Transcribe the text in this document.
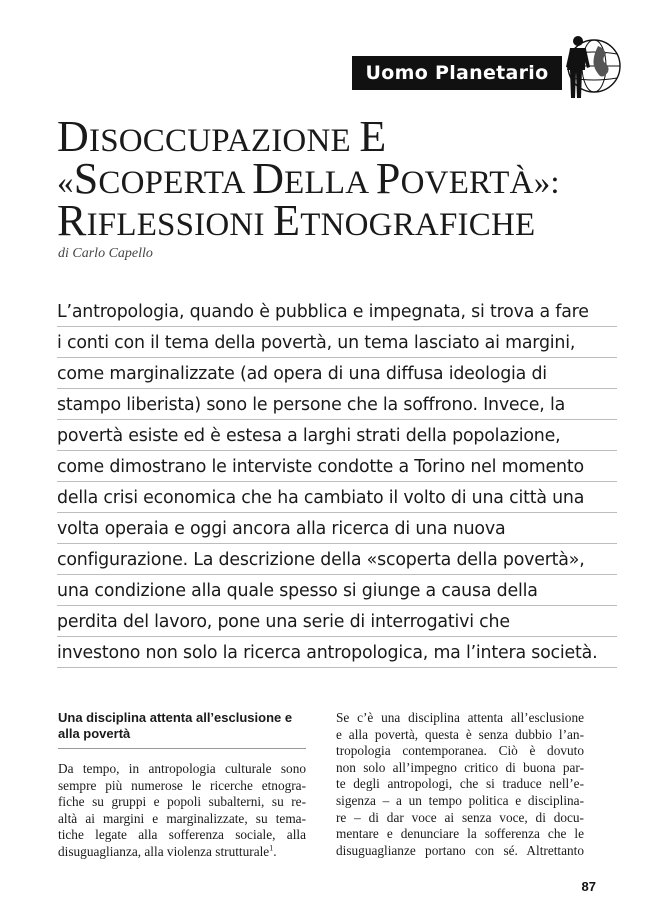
Uomo Planetario
DISOCCUPAZIONE E
«SCOPERTA DELLA POVERTÀ»:
RIFLESSIONI ETNOGRAFICHE
di Carlo Capello
L’antropologia, quando è pubblica e impegnata, si trova a fare
i conti con il tema della povertà, un tema lasciato ai margini,
come marginalizzate (ad opera di una diffusa ideologia di
stampo liberista) sono le persone che la soffrono. Invece, la
povertà esiste ed è estesa a larghi strati della popolazione,
come dimostrano le interviste condotte a Torino nel momento
della crisi economica che ha cambiato il volto di una città una
volta operaia e oggi ancora alla ricerca di una nuova
configurazione. La descrizione della «scoperta della povertà»,
una condizione alla quale spesso si giunge a causa della
perdita del lavoro, pone una serie di interrogativi che
investono non solo la ricerca antropologica, ma l’intera società.
Una disciplina attenta all’esclusione e
alla povertà
Da tempo, in antropologia culturale sono
sempre più numerose le ricerche etnogra-
fiche su gruppi e popoli subalterni, su re-
altà ai margini e marginalizzate, su tema-
tiche legate alla sofferenza sociale, alla
disuguaglianza, alla violenza strutturale$^1$.
Se c’è una disciplina attenta all’esclusione
e alla povertà, questa è senza dubbio l’an-
tropologia contemporanea. Ciò è dovuto
non solo all’impegno critico di buona par-
te degli antropologi, che si traduce nell’e-
sigenza – a un tempo politica e disciplina-
re – di dar voce ai senza voce, di docu-
mentare e denunciare la sofferenza che le
disuguaglianze portano con sé. Altrettanto
87
